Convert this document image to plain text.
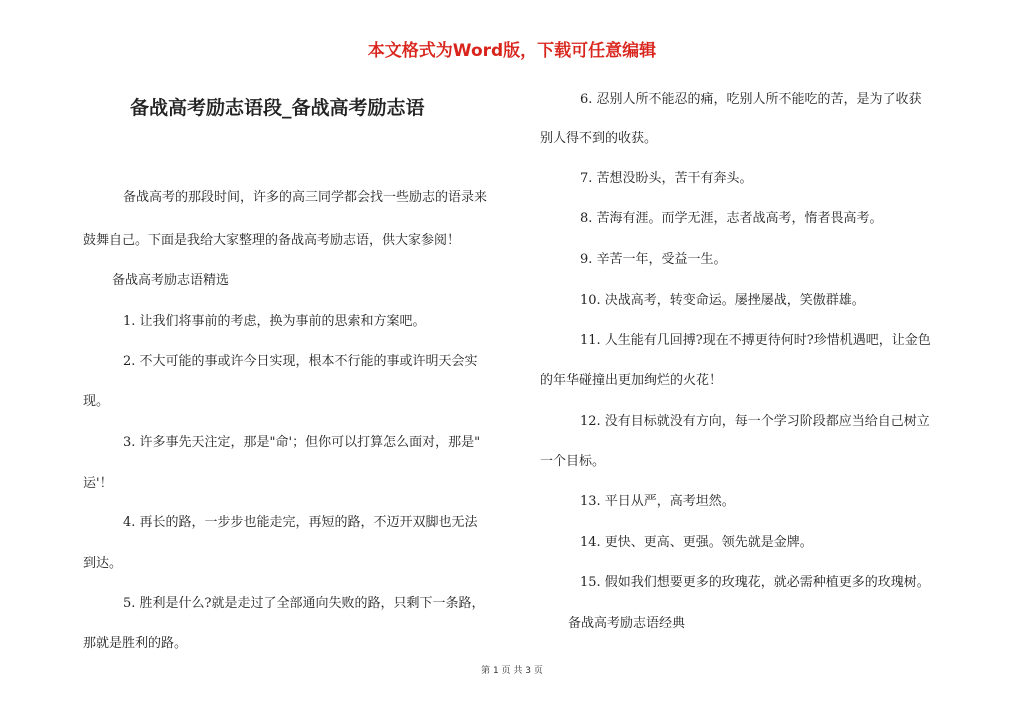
本文格式为Word版，下载可任意编辑
备战高考励志语段_备战高考励志语
备战高考的那段时间，许多的高三同学都会找一些励志的语录来
鼓舞自己。下面是我给大家整理的备战高考励志语，供大家参阅！
备战高考励志语精选
1. 让我们将事前的考虑，换为事前的思索和方案吧。
2. 不大可能的事或许今日实现，根本不行能的事或许明天会实
现。
3. 许多事先天注定，那是"命'；但你可以打算怎么面对，那是"
运'！
4. 再长的路，一步步也能走完，再短的路，不迈开双脚也无法
到达。
5. 胜利是什么?就是走过了全部通向失败的路，只剩下一条路，
那就是胜利的路。
6. 忍别人所不能忍的痛，吃别人所不能吃的苦，是为了收获
别人得不到的收获。
7. 苦想没盼头，苦干有奔头。
8. 苦海有涯。而学无涯，志者战高考，惰者畏高考。
9. 辛苦一年，受益一生。
10. 决战高考，转变命运。屡挫屡战，笑傲群雄。
11. 人生能有几回搏?现在不搏更待何时?珍惜机遇吧，让金色
的年华碰撞出更加绚烂的火花！
12. 没有目标就没有方向，每一个学习阶段都应当给自己树立
一个目标。
13. 平日从严，高考坦然。
14. 更快、更高、更强。领先就是金牌。
15. 假如我们想要更多的玫瑰花，就必需种植更多的玫瑰树。
备战高考励志语经典
第 1 页 共 3 页
